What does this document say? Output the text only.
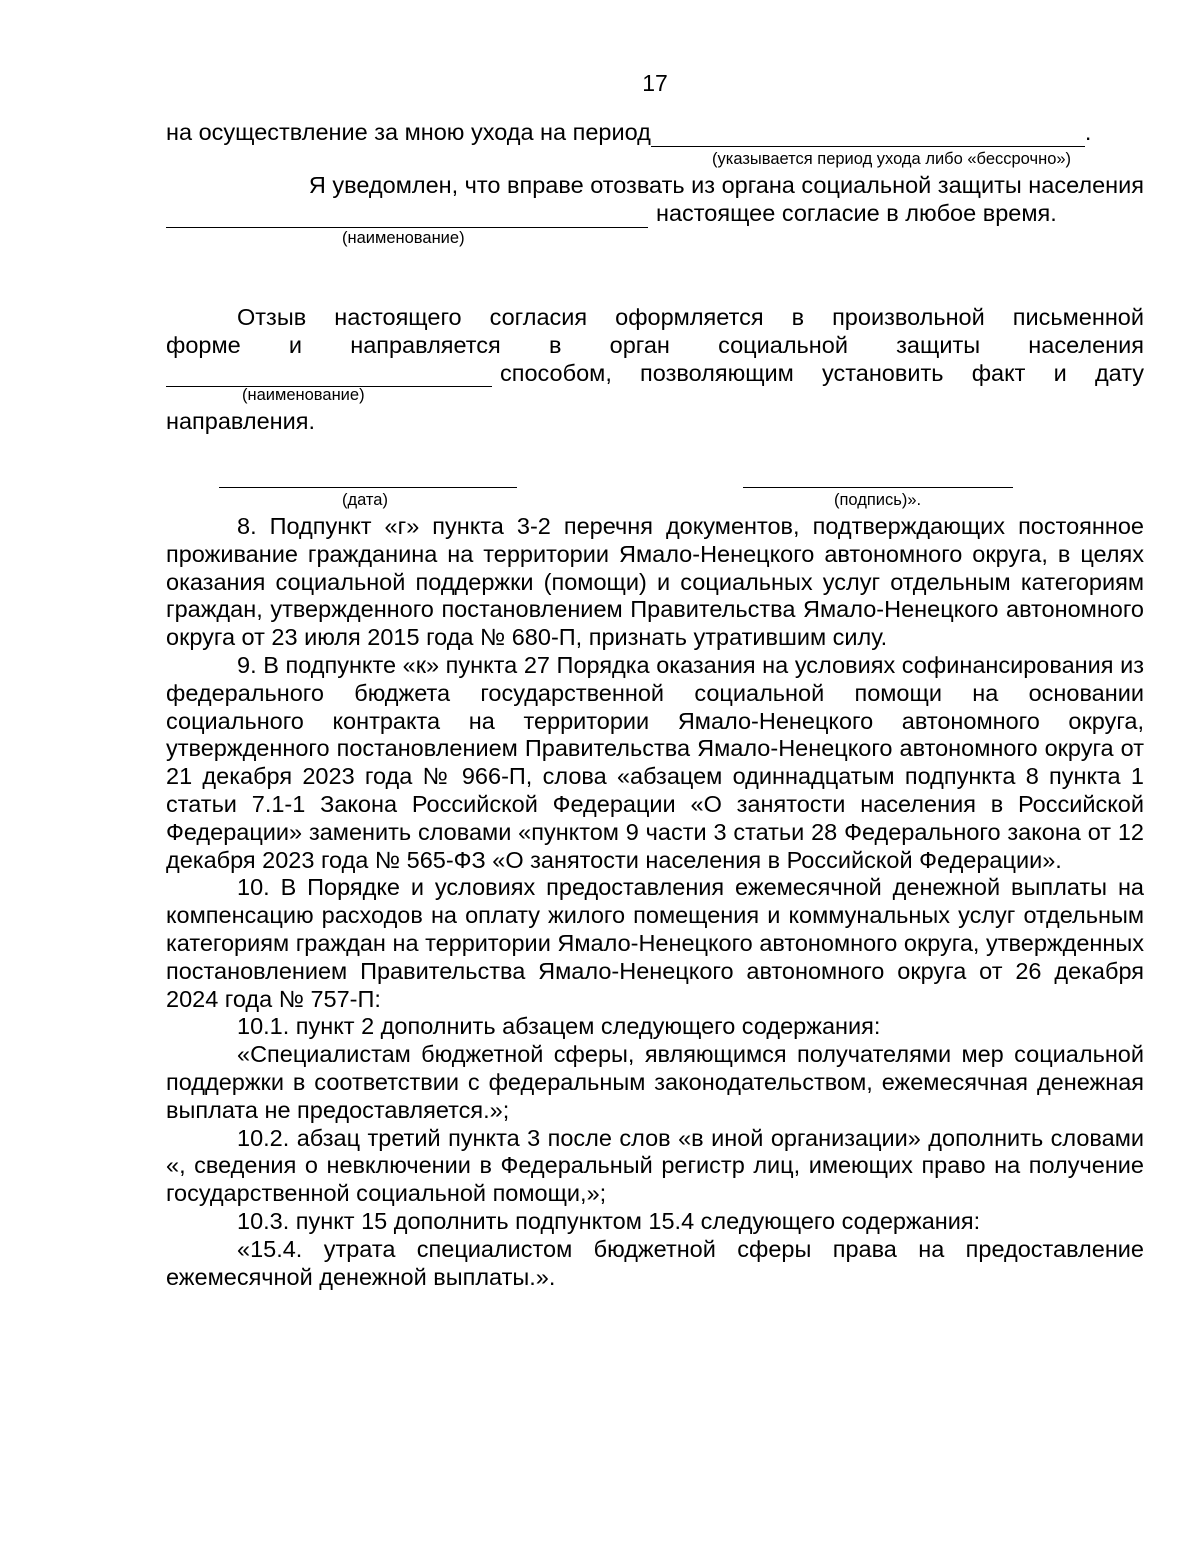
17
на осуществление за мною ухода на период	.
(указывается период ухода либо «бессрочно»)
Я уведомлен, что вправе отозвать из органа социальной защиты населения
настоящее согласие в любое время.
(наименование)

Отзыв настоящего согласия оформляется в произвольной письменной

форме и направляется в орган социальной защиты населения

способом, позволяющим установить факт и дату
(наименование)
направления.
(дата)	(подпись)».

8. Подпункт «г» пункта 3-2 перечня документов, подтверждающих постоянное проживание гражданина на территории Ямало-Ненецкого автономного округа, в целях оказания социальной поддержки (помощи) и социальных услуг отдельным категориям граждан, утвержденного постановлением Правительства Ямало-Ненецкого автономного округа от 23 июля 2015 года № 680-П, признать утратившим силу.

9. В подпункте «к» пункта 27 Порядка оказания на условиях софинансирования из федерального бюджета государственной социальной помощи на основании социального контракта на территории Ямало-Ненецкого автономного округа, утвержденного постановлением Правительства Ямало-Ненецкого автономного округа от 21 декабря 2023 года № 966-П, слова «абзацем одиннадцатым подпункта 8 пункта 1 статьи 7.1-1 Закона Российской Федерации «О занятости населения в Российской Федерации» заменить словами «пунктом 9 части 3 статьи 28 Федерального закона от 12 декабря 2023 года № 565-ФЗ «О занятости населения в Российской Федерации».

10. В Порядке и условиях предоставления ежемесячной денежной выплаты на компенсацию расходов на оплату жилого помещения и коммунальных услуг отдельным категориям граждан на территории Ямало-Ненецкого автономного округа, утвержденных постановлением Правительства Ямало-Ненецкого автономного округа от 26 декабря 2024 года № 757-П:

10.1. пункт 2 дополнить абзацем следующего содержания:

«Специалистам бюджетной сферы, являющимся получателями мер социальной поддержки в соответствии с федеральным законодательством, ежемесячная денежная выплата не предоставляется.»;

10.2. абзац третий пункта 3 после слов «в иной организации» дополнить словами «, сведения о невключении в Федеральный регистр лиц, имеющих право на получение государственной социальной помощи,»;

10.3. пункт 15 дополнить подпунктом 15.4 следующего содержания:

«15.4. утрата специалистом бюджетной сферы права на предоставление ежемесячной денежной выплаты.».
